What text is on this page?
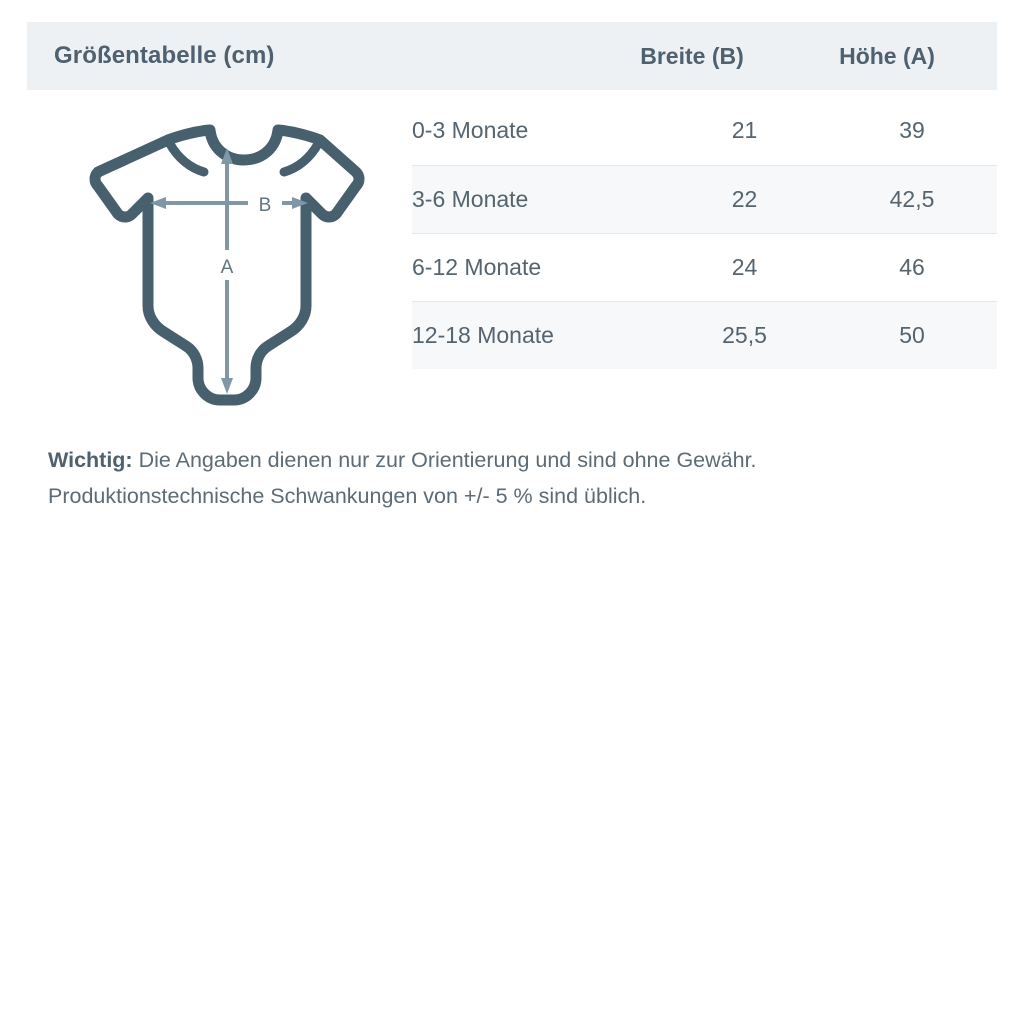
Größentabelle (cm)	Breite (B)	Höhe (A)
A
B
0-3 Monate	21	39
3-6 Monate	22	42,5
6-12 Monate	24	46
12-18 Monate	25,5	50
Wichtig: Die Angaben dienen nur zur Orientierung und sind ohne Gewähr.
Produktionstechnische Schwankungen von +/- 5 % sind üblich.
